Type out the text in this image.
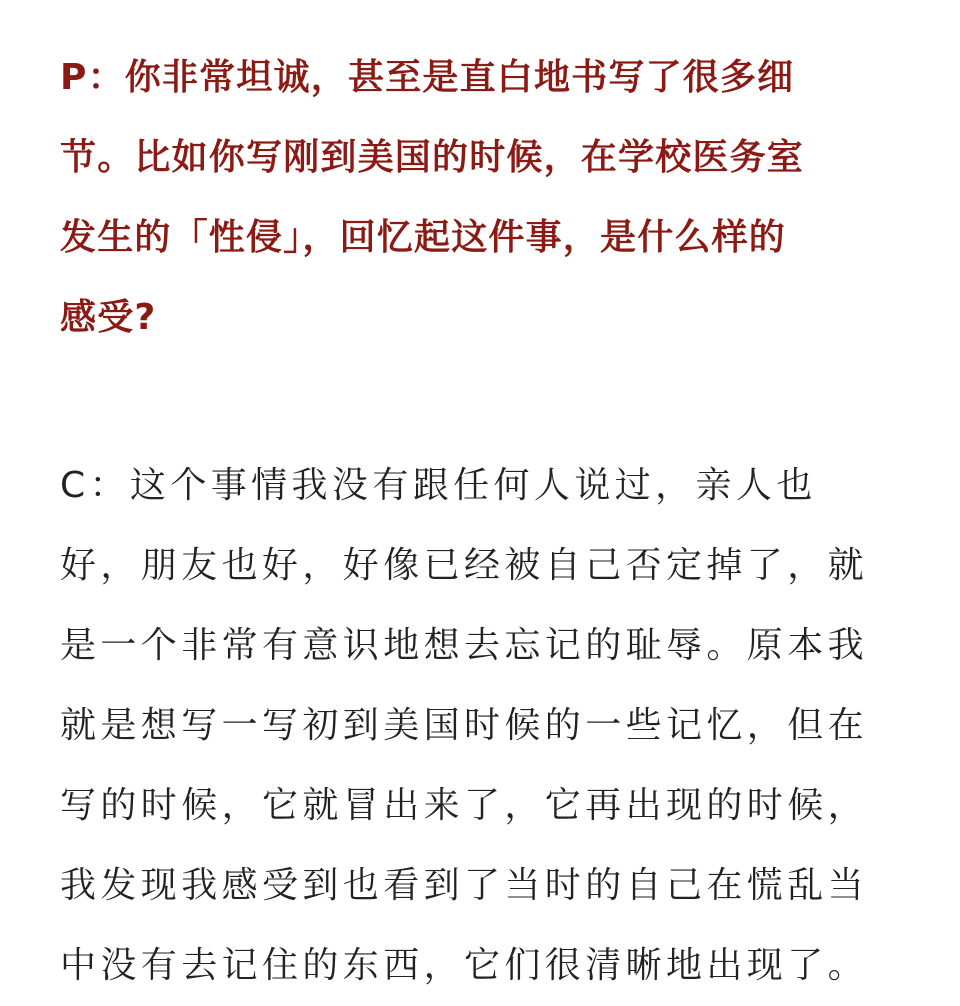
P：你非常坦诚，甚至是直白地书写了很多细
节。比如你写刚到美国的时候，在学校医务室
发生的「性侵」，回忆起这件事，是什么样的
感受?
C：这个事情我没有跟任何人说过，亲人也
好，朋友也好，好像已经被自己否定掉了，就
是一个非常有意识地想去忘记的耻辱。原本我
就是想写一写初到美国时候的一些记忆，但在
写的时候，它就冒出来了，它再出现的时候，
我发现我感受到也看到了当时的自己在慌乱当
中没有去记住的东西，它们很清晰地出现了。
